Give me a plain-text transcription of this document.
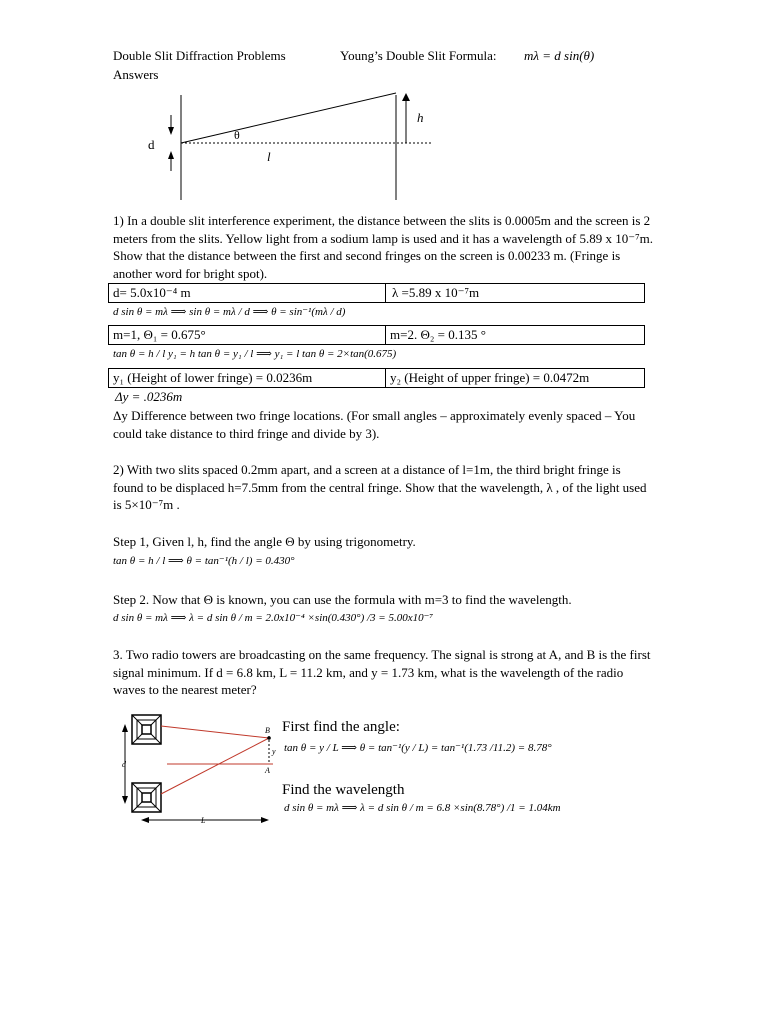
Double Slit Diffraction Problems	Young’s Double Slit Formula: mλ = d sin(θ)
Answers
d
θ
l
h
1) In a double slit interference experiment, the distance between the slits is 0.0005m and the screen is 2 meters from the slits. Yellow light from a sodium lamp is used and it has a wavelength of 5.89 x 10⁻⁷m. Show that the distance between the first and second fringes on the screen is 0.00233 m. (Fringe is another word for bright spot).
d= 5.0x10⁻⁴ m	λ =5.89 x 10⁻⁷m
d sin θ = mλ ⟹ sin θ = mλ / d ⟹ θ = sin⁻¹(mλ / d)
m=1, Θ₁ = 0.675°	m=2. Θ₂ = 0.135 °
tan θ = h / l y₁ = h tan θ = y₁ / l ⟹ y₁ = l tan θ = 2×tan(0.675)
y₁ (Height of lower fringe) = 0.0236m	y₂ (Height of upper fringe) = 0.0472m
Δy = .0236m
Δy Difference between two fringe locations. (For small angles – approximately evenly spaced – You could take distance to third fringe and divide by 3).
2) With two slits spaced 0.2mm apart, and a screen at a distance of l=1m, the third bright fringe is found to be displaced h=7.5mm from the central fringe. Show that the wavelength, λ , of the light used is 5×10⁻⁷m .
Step 1, Given l, h, find the angle Θ by using trigonometry.
tan θ = h / l ⟹ θ = tan⁻¹(h / l) = 0.430°
Step 2. Now that Θ is known, you can use the formula with m=3 to find the wavelength.
d sin θ = mλ ⟹ λ = d sin θ / m = 2.0x10⁻⁴ ×sin(0.430°) /3 = 5.00x10⁻⁷
3. Two radio towers are broadcasting on the same frequency. The signal is strong at A, and B is the first signal minimum. If d = 6.8 km, L = 11.2 km, and y = 1.73 km, what is the wavelength of the radio waves to the nearest meter?
B
A
y
d
L
First find the angle:
tan θ = y / L ⟹ θ = tan⁻¹(y / L) = tan⁻¹(1.73 /11.2) = 8.78°
Find the wavelength
d sin θ = mλ ⟹ λ = d sin θ / m = 6.8 ×sin(8.78°) /1 = 1.04km
